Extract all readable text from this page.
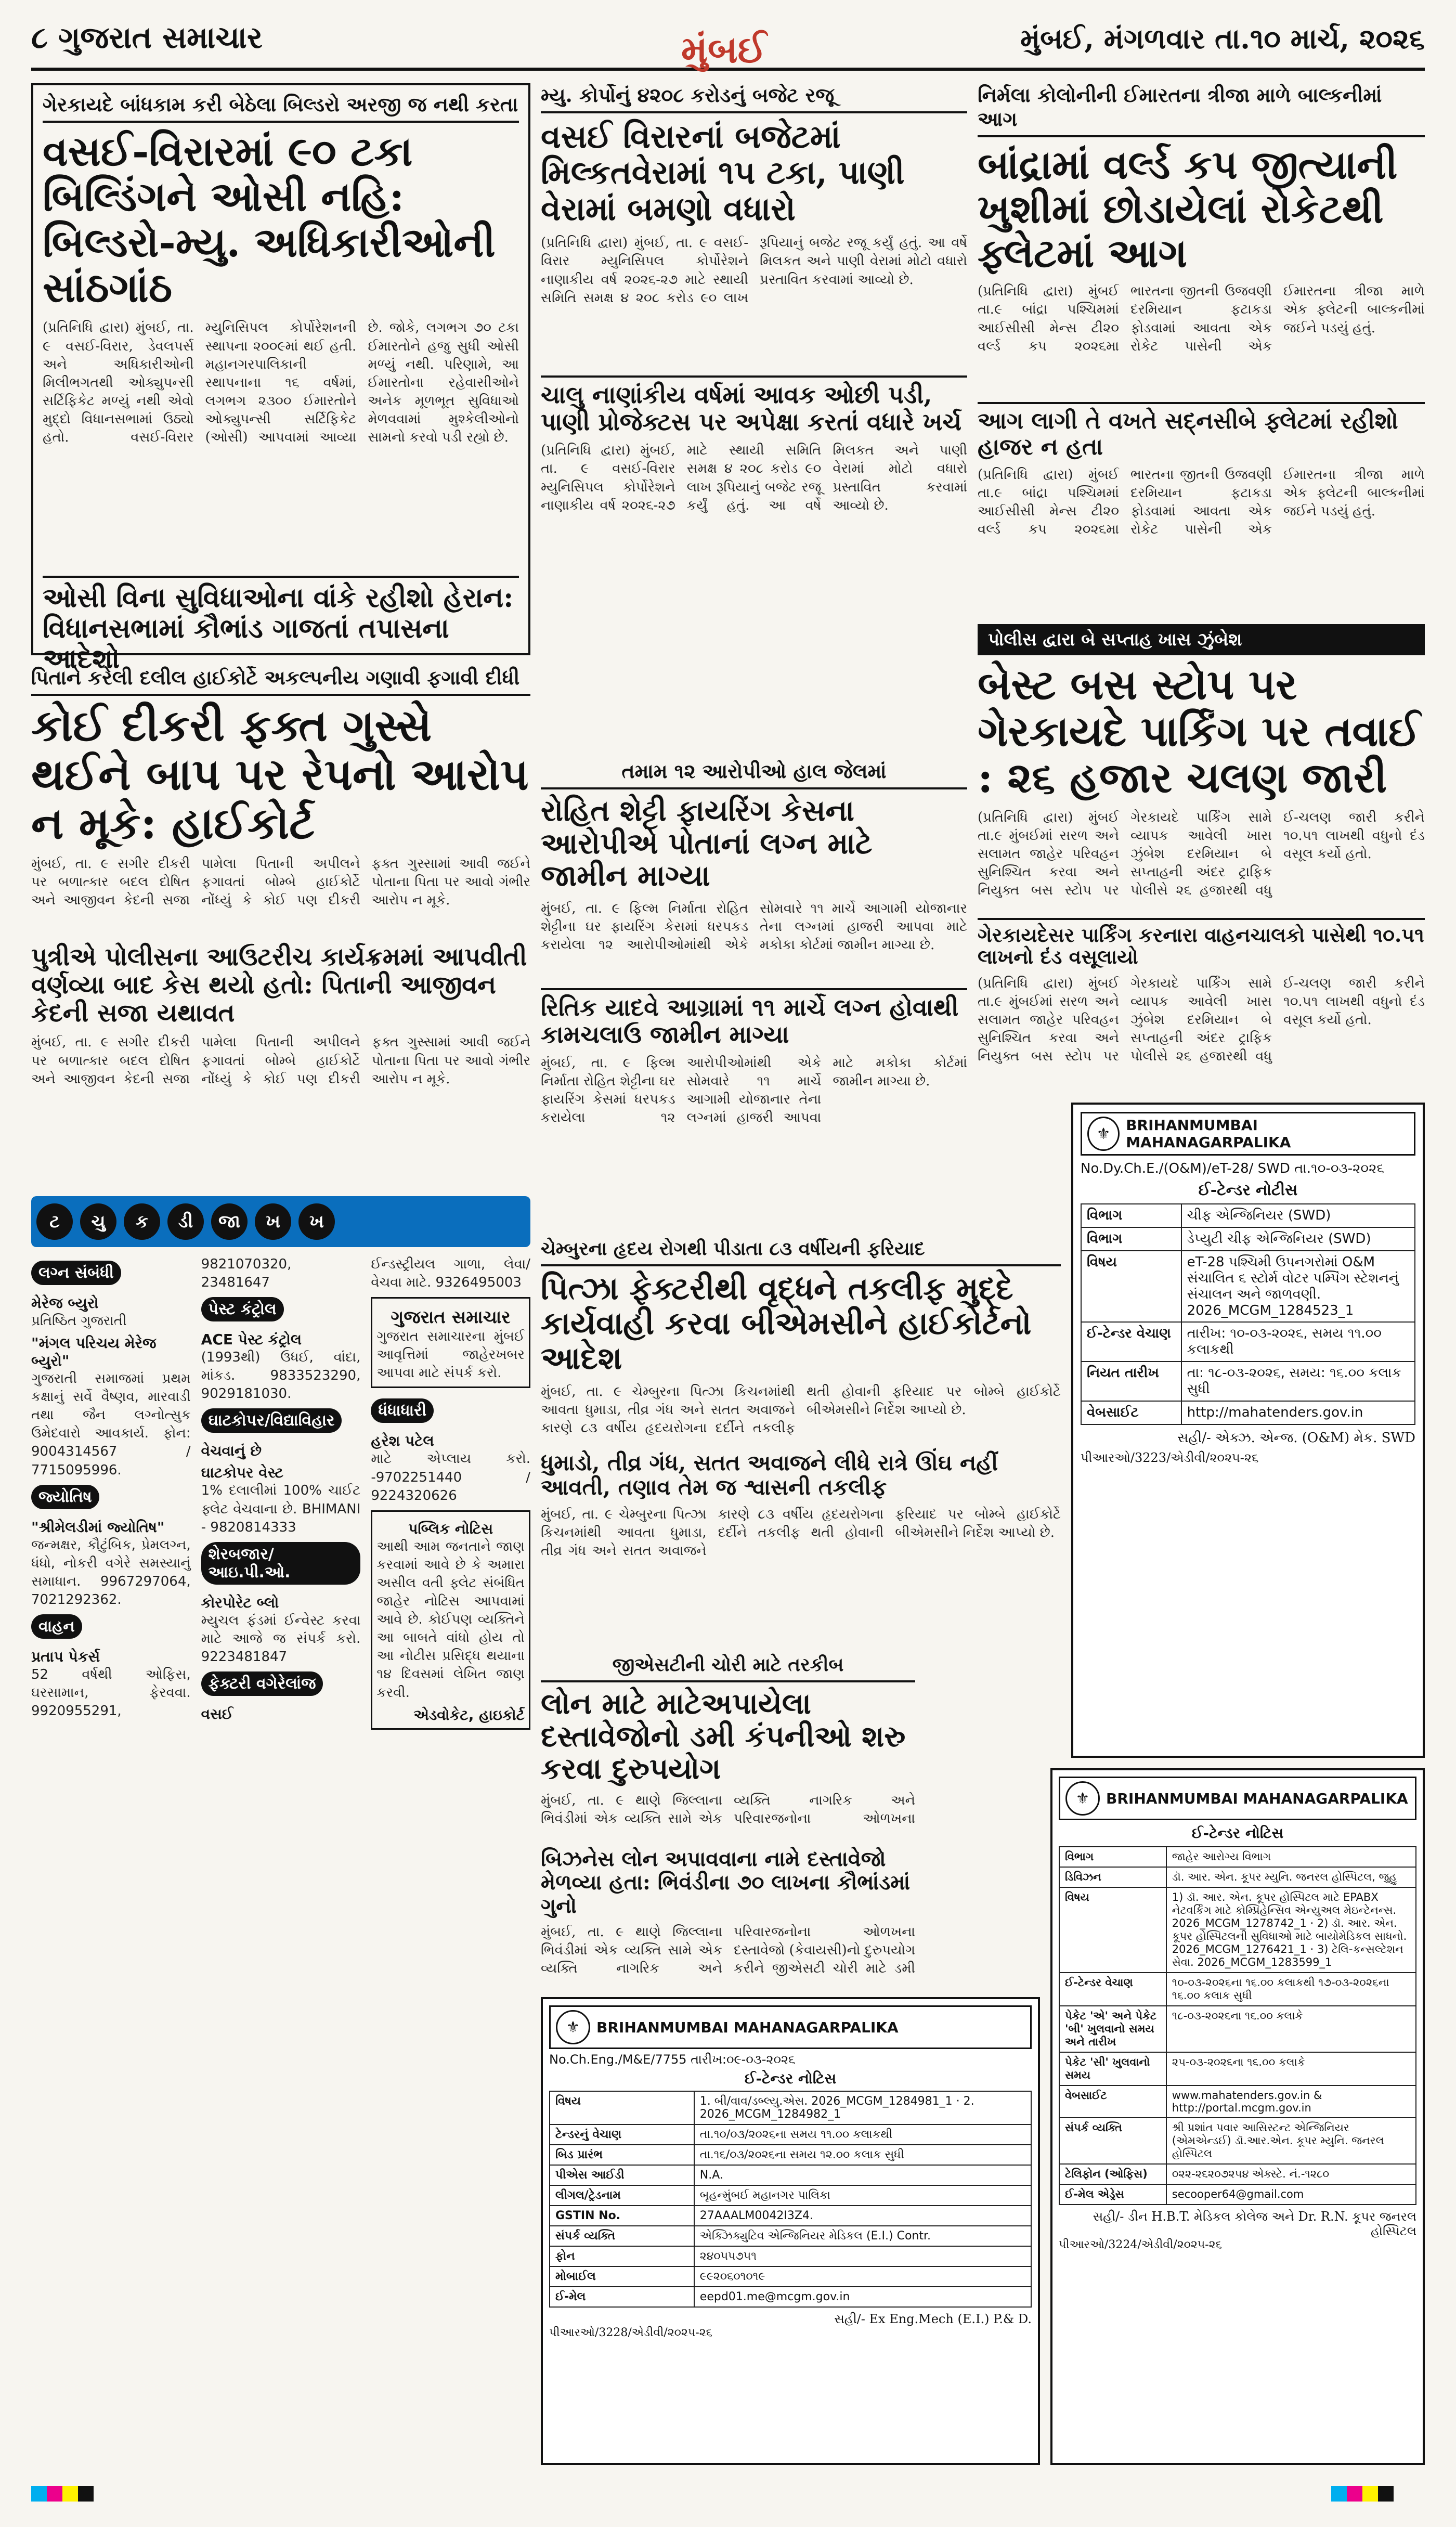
૮ ગુજરાત સમાચાર	મુંબઈ	મુંબઈ, મંગળવાર તા.૧૦ માર્ચ, ૨૦૨૬
ગેરકાયદે બાંધકામ કરી બેઠેલા બિલ્ડરો અરજી જ નથી કરતા
વસઈ-વિરારમાં ૯૦ ટકા બિલ્ડિંગને ઓસી નહિ: બિલ્ડરો-મ્યુ. અધિકારીઓની સાંઠગાંઠ
(પ્રતિનિધિ દ્વારા) મુંબઈ, તા. ૯ વસઈ-વિરાર, ડેવલપર્સ અને અધિકારીઓની મિલીભગતથી ઓક્યુપન્સી સર્ટિફિકેટ મળ્યું નથી એવો મુદ્દો વિધાનસભામાં ઉઠ્યો હતો. વસઈ-વિરાર મ્યુનિસિપલ કોર્પોરેશનની સ્થાપના ૨૦૦૯માં થઈ હતી. મહાનગરપાલિકાની સ્થાપનાના ૧૬ વર્ષમાં, લગભગ ૨૩૦૦ ઈમારતોને ઓક્યુપન્સી સર્ટિફિકેટ (ઓસી) આપવામાં આવ્યા છે. જોકે, લગભગ ૭૦ ટકા ઈમારતોને હજુ સુધી ઓસી મળ્યું નથી. પરિણામે, આ ઈમારતોના રહેવાસીઓને અનેક મૂળભૂત સુવિધાઓ મેળવવામાં મુશ્કેલીઓનો સામનો કરવો પડી રહ્યો છે.
ઓસી વિના સુવિધાઓના વાંકે રહીશો હેરાન: વિધાનસભામાં કૌભાંડ ગાજતાં તપાસના આદેશો
મ્યુ. કોર્પોનું ૪૨૦૮ કરોડનું બજેટ રજૂ
વસઈ વિરારનાં બજેટમાં મિલ્કતવેરામાં ૧૫ ટકા, પાણી વેરામાં બમણો વધારો
(પ્રતિનિધિ દ્વારા) મુંબઈ, તા. ૯ વસઈ-વિરાર મ્યુનિસિપલ કોર્પોરેશને નાણાકીય વર્ષ ૨૦૨૬-૨૭ માટે સ્થાયી સમિતિ સમક્ષ ૪ ૨૦૮ કરોડ ૯૦ લાખ રૂપિયાનું બજેટ રજૂ કર્યું હતું. આ વર્ષે મિલકત અને પાણી વેરામાં મોટો વધારો પ્રસ્તાવિત કરવામાં આવ્યો છે.
ચાલુ નાણાંકીય વર્ષમાં આવક ઓછી પડી, પાણી પ્રોજેક્ટસ પર અપેક્ષા કરતાં વધારે ખર્ચ
(પ્રતિનિધિ દ્વારા) મુંબઈ, તા. ૯ વસઈ-વિરાર મ્યુનિસિપલ કોર્પોરેશને નાણાકીય વર્ષ ૨૦૨૬-૨૭ માટે સ્થાયી સમિતિ સમક્ષ ૪ ૨૦૮ કરોડ ૯૦ લાખ રૂપિયાનું બજેટ રજૂ કર્યું હતું. આ વર્ષે મિલકત અને પાણી વેરામાં મોટો વધારો પ્રસ્તાવિત કરવામાં આવ્યો છે.
નિર્મલા કોલોનીની ઈમારતના ત્રીજા માળે બાલ્કનીમાં આગ
બાંદ્રામાં વર્લ્ડ કપ જીત્યાની ખુશીમાં છોડાયેલાં રોકેટથી ફ્લેટમાં આગ
(પ્રતિનિધિ દ્વારા) મુંબઈ તા.૯ બાંદ્રા પશ્ચિમમાં આઈસીસી મેન્સ ટી૨૦ વર્લ્ડ કપ ૨૦૨૬મા ભારતના જીતની ઉજવણી દરમિયાન ફટાકડા ફોડવામાં આવતા એક રોકેટ પાસેની એક ઈમારતના ત્રીજા માળે એક ફ્લેટની બાલ્કનીમાં જઈને પડયું હતું.
આગ લાગી તે વખતે સદ્નસીબે ફ્લેટમાં રહીશો હાજર ન હતા
(પ્રતિનિધિ દ્વારા) મુંબઈ તા.૯ બાંદ્રા પશ્ચિમમાં આઈસીસી મેન્સ ટી૨૦ વર્લ્ડ કપ ૨૦૨૬મા ભારતના જીતની ઉજવણી દરમિયાન ફટાકડા ફોડવામાં આવતા એક રોકેટ પાસેની એક ઈમારતના ત્રીજા માળે એક ફ્લેટની બાલ્કનીમાં જઈને પડયું હતું.
પોલીસ દ્વારા બે સપ્તાહ ખાસ ઝુંબેશ
બેસ્ટ બસ સ્ટોપ પર ગેરકાયદે પાર્કિંગ પર તવાઈ : ૨૬ હજાર ચલણ જારી
(પ્રતિનિધિ દ્વારા) મુંબઈ તા.૯ મુંબઈમાં સરળ અને સલામત જાહેર પરિવહન સુનિશ્ચિત કરવા અને નિયુક્ત બસ સ્ટોપ પર ગેરકાયદે પાર્કિંગ સામે વ્યાપક આવેલી ખાસ ઝુંબેશ દરમિયાન બે સપ્તાહની અંદર ટ્રાફિક પોલીસે ૨૬ હજારથી વધુ ઈ-ચલણ જારી કરીને ૧૦.૫૧ લાખથી વધુનો દંડ વસૂલ કર્યો હતો.
ગેરકાયદેસર પાર્કિંગ કરનારા વાહનચાલકો પાસેથી ૧૦.૫૧ લાખનો દંડ વસૂલાયો
(પ્રતિનિધિ દ્વારા) મુંબઈ તા.૯ મુંબઈમાં સરળ અને સલામત જાહેર પરિવહન સુનિશ્ચિત કરવા અને નિયુક્ત બસ સ્ટોપ પર ગેરકાયદે પાર્કિંગ સામે વ્યાપક આવેલી ખાસ ઝુંબેશ દરમિયાન બે સપ્તાહની અંદર ટ્રાફિક પોલીસે ૨૬ હજારથી વધુ ઈ-ચલણ જારી કરીને ૧૦.૫૧ લાખથી વધુનો દંડ વસૂલ કર્યો હતો.
પિતાને કરેલી દલીલ હાઈકોર્ટે અકલ્પનીય ગણાવી ફગાવી દીધી
કોઈ દીકરી ફક્ત ગુસ્સે થઈને બાપ પર રેપનો આરોપ ન મૂકે: હાઈકોર્ટ
મુંબઈ, તા. ૯ સગીર દીકરી પર બળાત્કાર બદલ દોષિત અને આજીવન કેદની સજા પામેલા પિતાની અપીલને ફગાવતાં બોમ્બે હાઈકોર્ટે નોંધ્યું કે કોઈ પણ દીકરી ફક્ત ગુસ્સામાં આવી જઈને પોતાના પિતા પર આવો ગંભીર આરોપ ન મૂકે.
પુત્રીએ પોલીસના આઉટરીચ કાર્યક્રમમાં આપવીતી વર્ણવ્યા બાદ કેસ થયો હતો: પિતાની આજીવન કેદની સજા યથાવત
મુંબઈ, તા. ૯ સગીર દીકરી પર બળાત્કાર બદલ દોષિત અને આજીવન કેદની સજા પામેલા પિતાની અપીલને ફગાવતાં બોમ્બે હાઈકોર્ટે નોંધ્યું કે કોઈ પણ દીકરી ફક્ત ગુસ્સામાં આવી જઈને પોતાના પિતા પર આવો ગંભીર આરોપ ન મૂકે.
તમામ ૧૨ આરોપીઓ હાલ જેલમાં
રોહિત શેટ્ટી ફાયરિંગ કેસના આરોપીએ પોતાનાં લગ્ન માટે જામીન માગ્યા
મુંબઈ, તા. ૯ ફિલ્મ નિર્માતા રોહિત શેટ્ટીના ઘર ફાયરિંગ કેસમાં ધરપકડ કરાયેલા ૧૨ આરોપીઓમાંથી એકે સોમવારે ૧૧ માર્ચે આગામી યોજાનાર તેના લગ્નમાં હાજરી આપવા માટે મકોકા કોર્ટમાં જામીન માગ્યા છે.
રિતિક યાદવે આગ્રામાં ૧૧ માર્ચે લગ્ન હોવાથી કામચલાઉ જામીન માગ્યા
મુંબઈ, તા. ૯ ફિલ્મ નિર્માતા રોહિત શેટ્ટીના ઘર ફાયરિંગ કેસમાં ધરપકડ કરાયેલા ૧૨ આરોપીઓમાંથી એકે સોમવારે ૧૧ માર્ચે આગામી યોજાનાર તેના લગ્નમાં હાજરી આપવા માટે મકોકા કોર્ટમાં જામીન માગ્યા છે.
ચેમ્બુરના હૃદય રોગથી પીડાતા ૮૩ વર્ષીયની ફરિયાદ
પિત્ઝા ફેક્ટરીથી વૃદ્ધને તકલીફ મુદ્દે કાર્યવાહી કરવા બીએમસીને હાઈકોર્ટનો આદેશ
મુંબઈ, તા. ૯ ચેમ્બુરના પિત્ઝા કિચનમાંથી આવતા ધુમાડા, તીવ્ર ગંધ અને સતત અવાજને કારણે ૮૩ વર્ષીય હૃદયરોગના દર્દીને તકલીફ થતી હોવાની ફરિયાદ પર બોમ્બે હાઈકોર્ટે બીએમસીને નિર્દેશ આપ્યો છે.
ધુમાડો, તીવ્ર ગંધ, સતત અવાજને લીધે રાત્રે ઊંઘ નહીં આવતી, તણાવ તેમ જ શ્વાસની તકલીફ
મુંબઈ, તા. ૯ ચેમ્બુરના પિત્ઝા કિચનમાંથી આવતા ધુમાડા, તીવ્ર ગંધ અને સતત અવાજને કારણે ૮૩ વર્ષીય હૃદયરોગના દર્દીને તકલીફ થતી હોવાની ફરિયાદ પર બોમ્બે હાઈકોર્ટે બીએમસીને નિર્દેશ આપ્યો છે.
⚜	BRIHANMUMBAI MAHANAGARPALIKA
No.Dy.Ch.E./(O&M)/eT-28/ SWD તા.૧૦-૦૩-૨૦૨૬
ઈ-ટેન્ડર નોટીસ
વિભાગ	ચીફ એન્જિનિયર (SWD)
વિભાગ	ડેપ્યુટી ચીફ એન્જિનિયર (SWD)
વિષય	eT-28 પશ્ચિમી ઉપનગરોમાં O&M સંચાલિત ૬ સ્ટોર્મ વોટર પમ્પિંગ સ્ટેશનનું સંચાલન અને જાળવણી. 2026_MCGM_1284523_1
ઈ-ટેન્ડર વેચાણ	તારીખ: ૧૦-૦૩-૨૦૨૬, સમય ૧૧.૦૦ કલાકથી
નિયત તારીખ	તા: ૧૮-૦૩-૨૦૨૬, સમય: ૧૬.૦૦ કલાક સુધી
વેબસાઈટ	http://mahatenders.gov.in
સહી/- એક્ઝ. એન્જ. (O&M) મેક. SWD
પીઆરઓ/3223/એડીવી/૨૦૨૫-૨૬
ટ ચુ ક ડી જા ખ ખ
લગ્ન સંબંધી
મેરેજ બ્યુરો
પ્રતિષ્ઠિત ગુજરાતી
"મંગલ પરિચય મેરેજ બ્યુરો"
ગુજરાતી સમાજમાં પ્રથમ કક્ષાનું સર્વે વૈષ્ણવ, મારવાડી તથા જૈન લગ્નોત્સુક ઉમેદવારો આવકાર્ય. ફોન: 9004314567 / 7715095996.
જ્યોતિષ
"શ્રીમેલડીમાં જ્યોતિષ"
જન્મક્ષર, કૌટુંબિક, પ્રેમલગ્ન, ધંધો, નોકરી વગેરે સમસ્યાનું સમાધાન. 9967297064, 7021292362.
વાહન
પ્રતાપ પેકર્સ
52 વર્ષથી ઓફિસ, ઘરસામાન, ફેરવવા. 9920955291, 9821070320, 23481647
પેસ્ટ કંટ્રોલ
ACE પેસ્ટ કંટ્રોલ
(1993થી) ઉધઈ, વાંદા, માંકડ. 9833523290, 9029181030.
ઘાટકોપર/વિદ્યાવિહાર
વેચવાનું છે
ઘાટકોપર વેસ્ટ
1% દલાલીમાં 100% ચાઈટ ફ્લેટ વેચવાના છે. BHIMANI - 9820814333
શેરબજાર/આઇ.પી.ઓ.
કોરપોરેટ બ્લો
મ્યુચલ ફંડમાં ઈન્વેસ્ટ કરવા માટે આજે જ સંપર્ક કરો. 9223481847
ફેક્ટરી વગેરેલાંજ
વસઈ
ઈન્ડસ્ટ્રીયલ ગાળા, લેવા/વેચવા માટે. 9326495003
ગુજરાત સમાચાર
ગુજરાત સમાચારના મુંબઈ આવૃત્તિમાં જાહેરખબર આપવા માટે સંપર્ક કરો.
ધંધાધારી
હરેશ પટેલ
માટે એપ્લાય કરો. -9702251440 / 9224320626
પબ્લિક નોટિસ
આથી આમ જનતાને જાણ કરવામાં આવે છે કે અમારા અસીલ વતી ફ્લેટ સંબંધિત જાહેર નોટિસ આપવામાં આવે છે. કોઈપણ વ્યક્તિને આ બાબતે વાંધો હોય તો આ નોટીસ પ્રસિદ્ધ થયાના ૧૪ દિવસમાં લેખિત જાણ કરવી.
એડવોકેટ, હાઇકોર્ટ
જીએસટીની ચોરી માટે તરકીબ
લોન માટે માટેઅપાયેલા દસ્તાવેજોનો ડમી કંપનીઓ શરુ કરવા દુરુપયોગ
મુંબઈ, તા. ૯ થાણે જિલ્લાના ભિવંડીમાં એક વ્યક્તિ સામે એક વ્યક્તિ નાગરિક અને પરિવારજનોના ઓળખના
બિઝનેસ લોન અપાવવાના નામે દસ્તાવેજો મેળવ્યા હતા: ભિવંડીના ૭૦ લાખના કૌભાંડમાં ગુનો
મુંબઈ, તા. ૯ થાણે જિલ્લાના ભિવંડીમાં એક વ્યક્તિ સામે એક વ્યક્તિ નાગરિક અને પરિવારજનોના ઓળખના દસ્તાવેજો (કેવાયસી)નો દુરુપયોગ કરીને જીએસટી ચોરી માટે ડમી
⚜	BRIHANMUMBAI MAHANAGARPALIKA
No.Ch.Eng./M&E/7755 તારીખ:૦૯-૦૩-૨૦૨૬
ઈ-ટેન્ડર નોટિસ
વિષય	1. બી/વાવ/ડબ્લ્યુ.એસ. 2026_MCGM_1284981_1 · 2. 2026_MCGM_1284982_1
ટેન્ડરનું વેચાણ	તા.૧૦/૦૩/૨૦૨૬ના સમય ૧૧.૦૦ કલાકથી
બિડ પ્રારંભ	તા.૧૬/૦૩/૨૦૨૬ના સમય ૧૨.૦૦ કલાક સુધી
પીએસ આઈડી	N.A.
લીગલ/ટ્રેડનામ	બૃહન્મુંબઈ મહાનગર પાલિકા
GSTIN No.	27AAALM0042I3Z4.
સંપર્ક વ્યક્તિ	એક્ઝિક્યુટિવ એન્જિનિયર મેડિકલ (E.I.) Contr.
ફોન	૨૪૦૫૫૭૫૧
મોબાઈલ	૯૯૨૦૬૦૧૦૧૯
ઈ-મેલ	eepd01.me@mcgm.gov.in
સહી/- Ex Eng.Mech (E.I.) P.& D.
પીઆરઓ/3228/એડીવી/૨૦૨૫-૨૬
⚜	BRIHANMUMBAI MAHANAGARPALIKA
ઈ-ટેન્ડર નોટિસ
વિભાગ	જાહેર આરોગ્ય વિભાગ
ડિવિઝન	ડૉ. આર. એન. કૂપર મ્યુનિ. જનરલ હોસ્પિટલ, જુહુ
વિષય	1) ડૉ. આર. એન. કૂપર હોસ્પિટલ માટે EPABX નેટવર્કિંગ માટે કોમ્પ્રિહેન્સિવ એન્યુઅલ મેઇન્ટેનન્સ. 2026_MCGM_1278742_1 · 2) ડૉ. આર. એન. કૂપર હોસ્પિટલની સુવિધાઓ માટે બાયોમેડિકલ સાધનો. 2026_MCGM_1276421_1 · 3) ટેલિ-કન્સલ્ટેશન સેવા. 2026_MCGM_1283599_1
ઈ-ટેન્ડર વેચાણ	૧૦-૦૩-૨૦૨૬ના ૧૬.૦૦ કલાકથી ૧૭-૦૩-૨૦૨૬ના ૧૬.૦૦ કલાક સુધી
પેકેટ 'એ' અને પેકેટ 'બી' ખુલવાનો સમય અને તારીખ	૧૮-૦૩-૨૦૨૬ના ૧૬.૦૦ કલાકે
પેકેટ 'સી' ખુલવાનો સમય	૨૫-૦૩-૨૦૨૬ના ૧૬.૦૦ કલાકે
વેબસાઈટ	www.mahatenders.gov.in & http://portal.mcgm.gov.in
સંપર્ક વ્યક્તિ	શ્રી પ્રશાંત પવાર આસિસ્ટન્ટ એન્જિનિયર (એમએન્ડઈ) ડૉ.આર.એન. કૂપર મ્યુનિ. જનરલ હોસ્પિટલ
ટેલિફોન (ઓફિસ)	૦૨૨-૨૬૨૦૭૨૫૪ એક્સ્ટે. નં.-૧૨૮૦
ઈ-મેલ એડ્રેસ	secooper64@gmail.com
સહી/- ડીન H.B.T. મેડિકલ કોલેજ અને Dr. R.N. કૂપર જનરલ હોસ્પિટલ
પીઆરઓ/3224/એડીવી/૨૦૨૫-૨૬
